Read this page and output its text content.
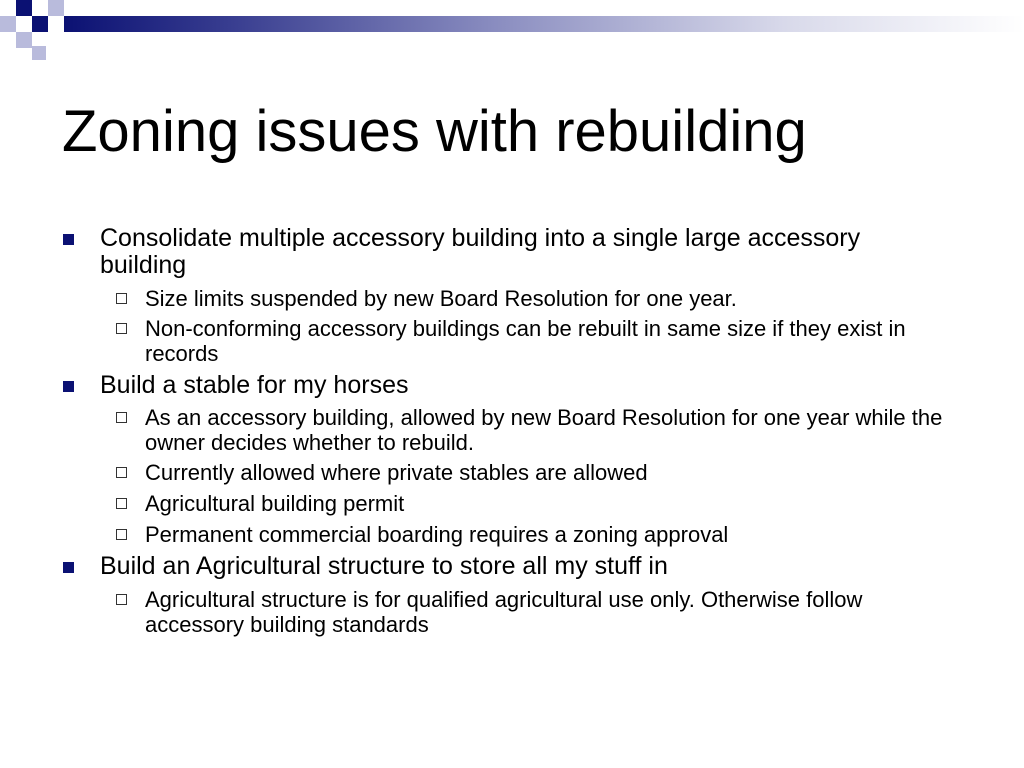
Zoning issues with rebuilding
Consolidate multiple accessory building into a single large accessory building
Size limits suspended by new Board Resolution for one year.
Non-conforming accessory buildings can be rebuilt in same size if they exist in records
Build a stable for my horses
As an accessory building, allowed by new Board Resolution for one year while the owner decides whether to rebuild.
Currently allowed where private stables are allowed
Agricultural building permit
Permanent commercial boarding requires a zoning approval
Build an Agricultural structure to store all my stuff in
Agricultural structure is for qualified agricultural use only. Otherwise follow accessory building standards
